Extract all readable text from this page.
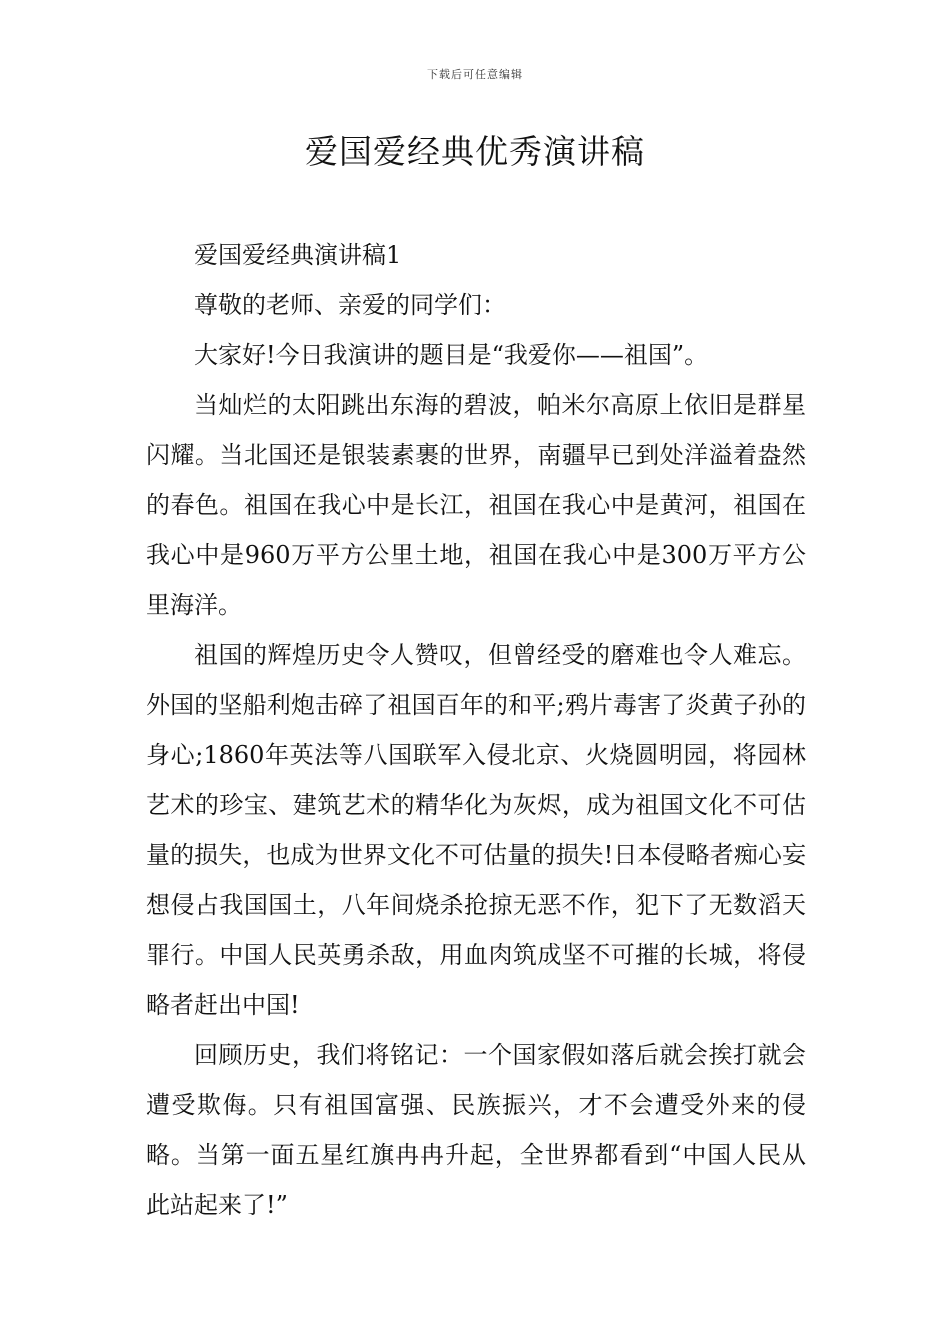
下载后可任意编辑
爱国爱经典优秀演讲稿

爱国爱经典演讲稿1

尊敬的老师、亲爱的同学们：

大家好!今日我演讲的题目是“我爱你——祖国”。

当灿烂的太阳跳出东海的碧波，帕米尔高原上依旧是群星闪耀。当北国还是银装素裹的世界，南疆早已到处洋溢着盎然的春色。祖国在我心中是长江，祖国在我心中是黄河，祖国在我心中是960万平方公里土地，祖国在我心中是300万平方公里海洋。

祖国的辉煌历史令人赞叹，但曾经受的磨难也令人难忘。外国的坚船利炮击碎了祖国百年的和平;鸦片毒害了炎黄子孙的身心;1860年英法等八国联军入侵北京、火烧圆明园，将园林艺术的珍宝、建筑艺术的精华化为灰烬，成为祖国文化不可估量的损失，也成为世界文化不可估量的损失!日本侵略者痴心妄想侵占我国国土，八年间烧杀抢掠无恶不作，犯下了无数滔天罪行。中国人民英勇杀敌，用血肉筑成坚不可摧的长城，将侵略者赶出中国!

回顾历史，我们将铭记：一个国家假如落后就会挨打就会遭受欺侮。只有祖国富强、民族振兴，才不会遭受外来的侵略。当第一面五星红旗冉冉升起，全世界都看到“中国人民从此站起来了!”
